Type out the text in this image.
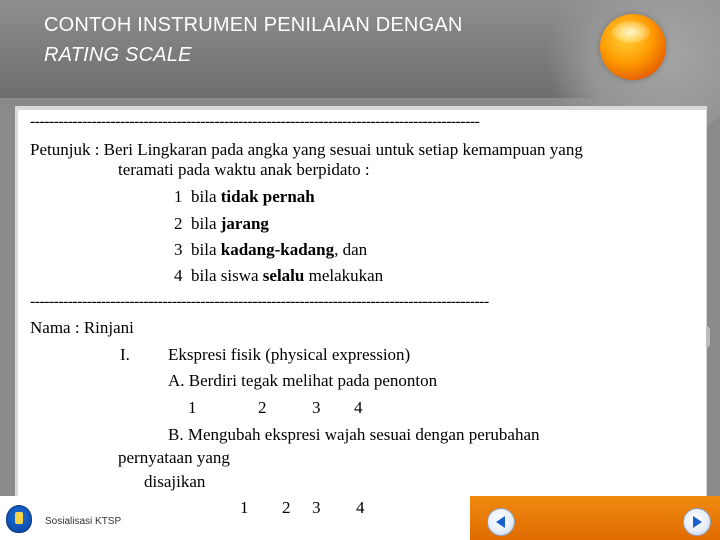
CONTOH INSTRUMEN PENILAIAN DENGAN
RATING SCALE
-----------------------------------------------------------------------------------------------
Petunjuk : Beri Lingkaran pada angka yang sesuai untuk setiap kemampuan yang
teramati pada waktu anak berpidato :
1 bila tidak pernah
2 bila jarang
3 bila kadang-kadang, dan
4 bila siswa selalu melakukan
-------------------------------------------------------------------------------------------------
Nama : Rinjani
I. Ekspresi fisik (physical expression)
A. Berdiri tegak melihat pada penonton
1	2	3 4
B. Mengubah ekspresi wajah sesuai dengan perubahan
pernyataan yang
disajikan
Sosialisasi KTSP
1 2 3 4
